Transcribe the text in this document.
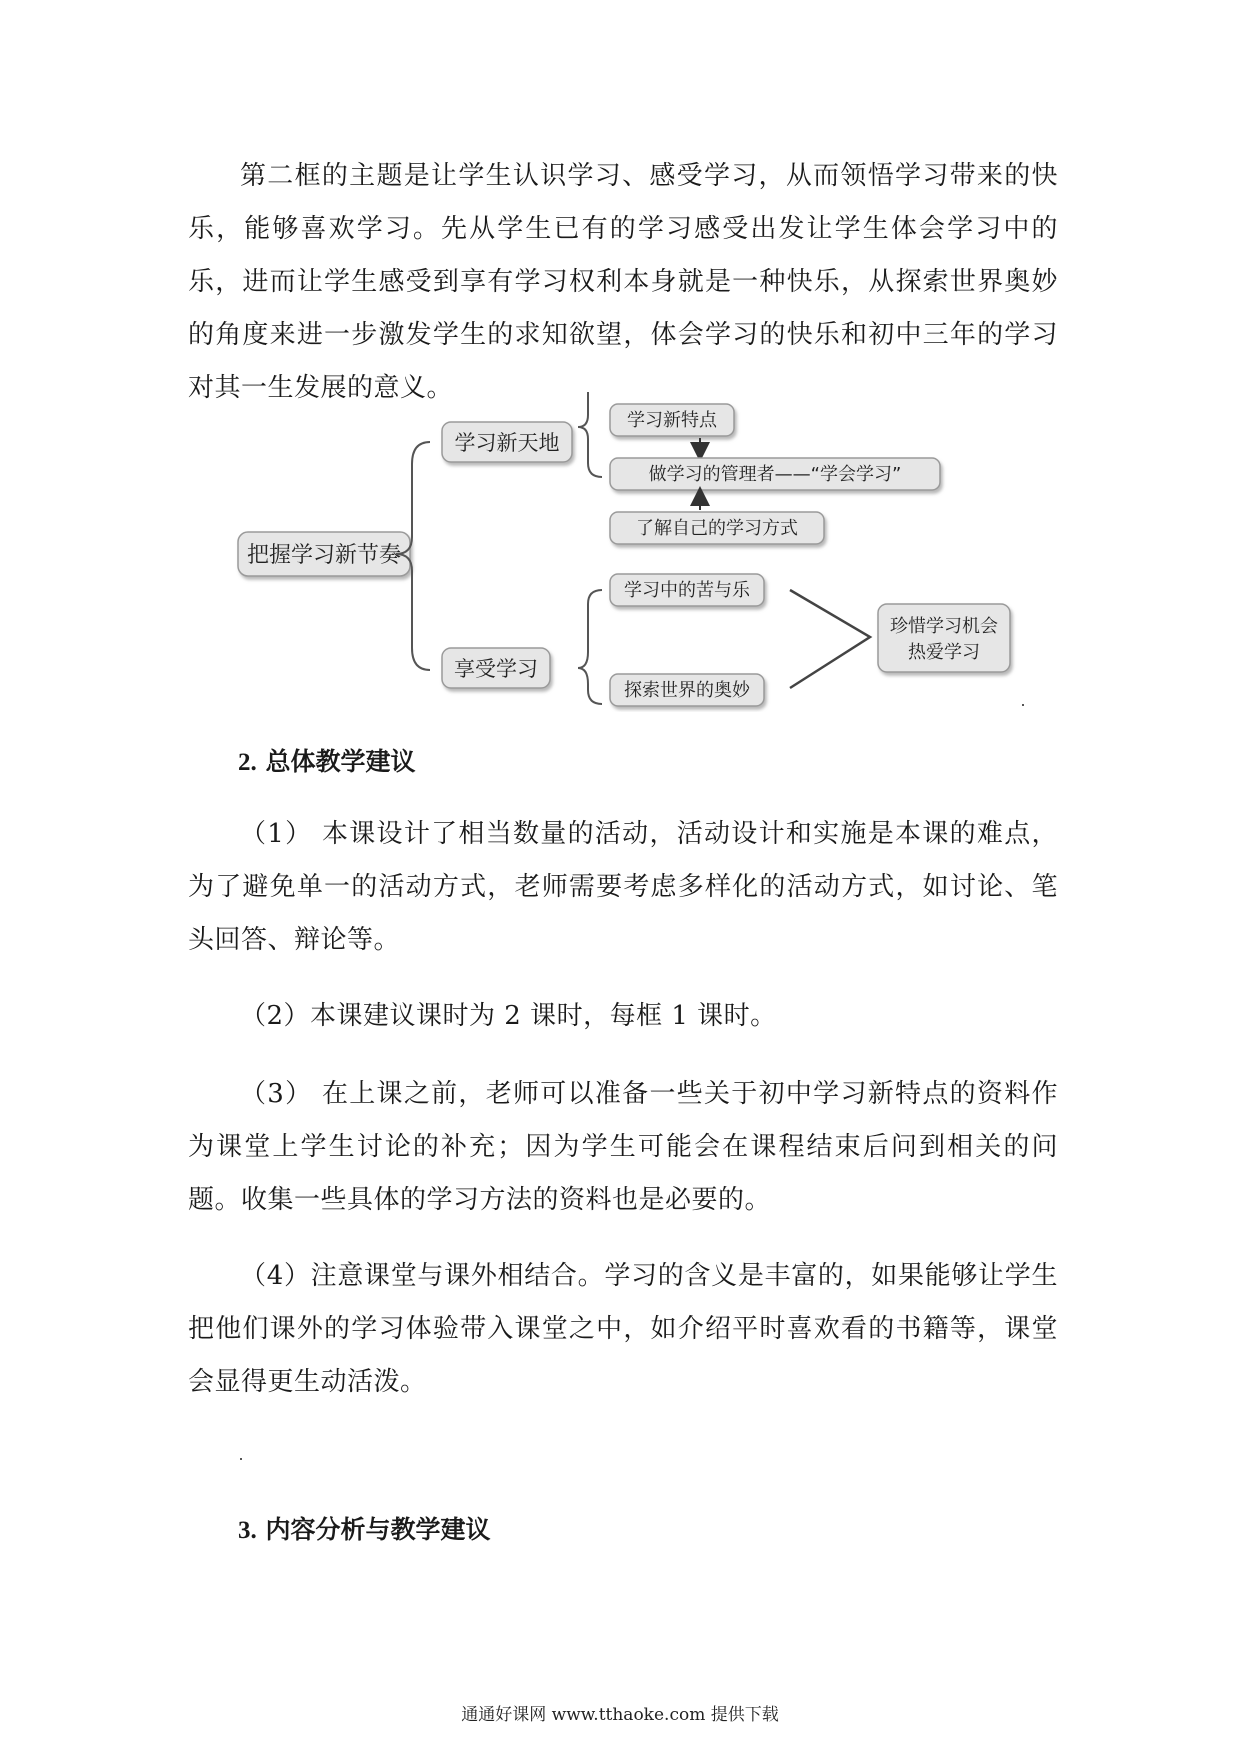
第二框的主题是让学生认识学习、感受学习，从而领悟学习带来的快乐，能够喜欢学习。先从学生已有的学习感受出发让学生体会学习中的乐，进而让学生感受到享有学习权利本身就是一种快乐，从探索世界奥妙的角度来进一步激发学生的求知欲望，体会学习的快乐和初中三年的学习对其一生发展的意义。

把握学习新节奏
学习新天地
享受学习
学习新特点
做学习的管理者——“学会学习”
了解自己的学习方式
学习中的苦与乐
探索世界的奥妙
珍惜学习机会
热爱学习
2. 总体教学建议

（1） 本课设计了相当数量的活动，活动设计和实施是本课的难点，为了避免单一的活动方式，老师需要考虑多样化的活动方式，如讨论、笔头回答、辩论等。

（2）本课建议课时为 2 课时，每框 1 课时。

（3） 在上课之前，老师可以准备一些关于初中学习新特点的资料作为课堂上学生讨论的补充；因为学生可能会在课程结束后问到相关的问题。收集一些具体的学习方法的资料也是必要的。

（4）注意课堂与课外相结合。学习的含义是丰富的，如果能够让学生把他们课外的学习体验带入课堂之中，如介绍平时喜欢看的书籍等，课堂会显得更生动活泼。

3. 内容分析与教学建议
通通好课网 www.tthaoke.com 提供下载
